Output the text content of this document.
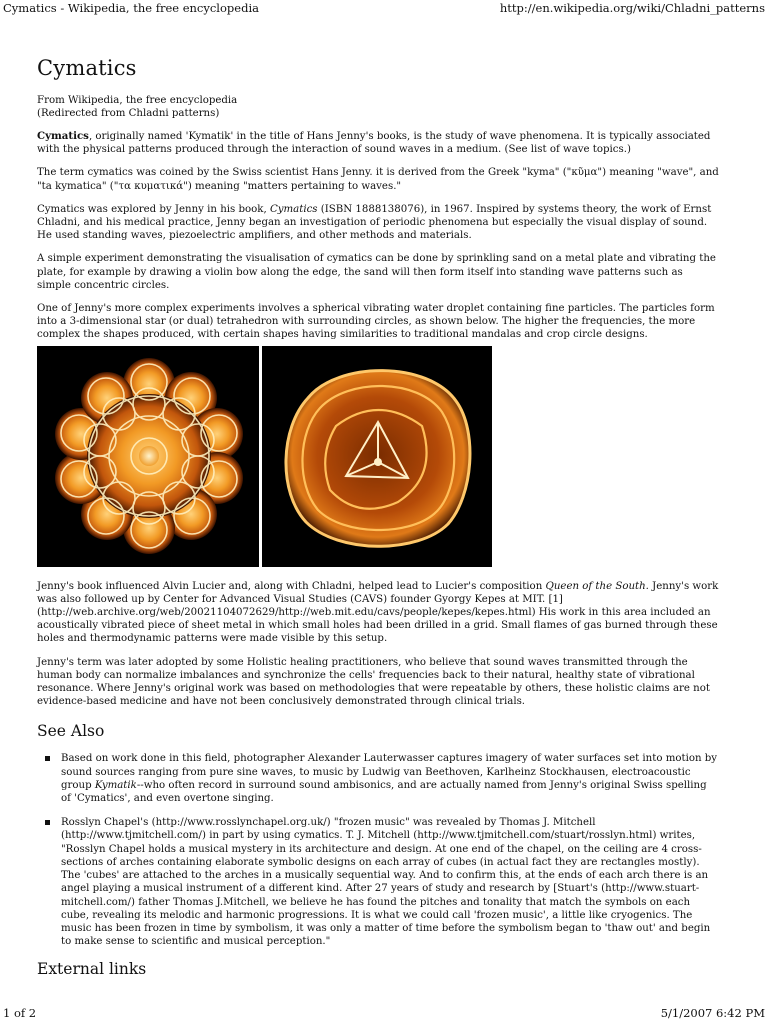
Cymatics - Wikipedia, the free encyclopedia	http://en.wikipedia.org/wiki/Chladni_patterns
Cymatics
From Wikipedia, the free encyclopedia
(Redirected from Chladni patterns)

Cymatics, originally named 'Kymatik' in the title of Hans Jenny's books, is the study of wave phenomena. It is typically associated with the physical patterns produced through the interaction of sound waves in a medium. (See list of wave topics.)

The term cymatics was coined by the Swiss scientist Hans Jenny. it is derived from the Greek "kyma" ("κῦμα") meaning "wave", and "ta kymatica" ("τα κυματικά") meaning "matters pertaining to waves."

Cymatics was explored by Jenny in his book, Cymatics (ISBN 1888138076), in 1967. Inspired by systems theory, the work of Ernst Chladni, and his medical practice, Jenny began an investigation of periodic phenomena but especially the visual display of sound. He used standing waves, piezoelectric amplifiers, and other methods and materials.

A simple experiment demonstrating the visualisation of cymatics can be done by sprinkling sand on a metal plate and vibrating the plate, for example by drawing a violin bow along the edge, the sand will then form itself into standing wave patterns such as simple concentric circles.

One of Jenny's more complex experiments involves a spherical vibrating water droplet containing fine particles. The particles form into a 3-dimensional star (or dual) tetrahedron with surrounding circles, as shown below. The higher the frequencies, the more complex the shapes produced, with certain shapes having similarities to traditional mandalas and crop circle designs.

Jenny's book influenced Alvin Lucier and, along with Chladni, helped lead to Lucier's composition Queen of the South. Jenny's work was also followed up by Center for Advanced Visual Studies (CAVS) founder Gyorgy Kepes at MIT. [1]
(http://web.archive.org/web/20021104072629/http://web.mit.edu/cavs/people/kepes/kepes.html) His work in this area included an acoustically vibrated piece of sheet metal in which small holes had been drilled in a grid. Small flames of gas burned through these holes and thermodynamic patterns were made visible by this setup.

Jenny's term was later adopted by some Holistic healing practitioners, who believe that sound waves transmitted through the human body can normalize imbalances and synchronize the cells' frequencies back to their natural, healthy state of vibrational resonance. Where Jenny's original work was based on methodologies that were repeatable by others, these holistic claims are not evidence-based medicine and have not been conclusively demonstrated through clinical trials.

See Also
Based on work done in this field, photographer Alexander Lauterwasser captures imagery of water surfaces set into motion by sound sources ranging from pure sine waves, to music by Ludwig van Beethoven, Karlheinz Stockhausen, electroacoustic group Kymatik--who often record in surround sound ambisonics, and are actually named from Jenny's original Swiss spelling of 'Cymatics', and even overtone singing.
Rosslyn Chapel's (http://www.rosslynchapel.org.uk/) "frozen music" was revealed by Thomas J. Mitchell (http://www.tjmitchell.com/) in part by using cymatics. T. J. Mitchell (http://www.tjmitchell.com/stuart/rosslyn.html) writes, "Rosslyn Chapel holds a musical mystery in its architecture and design. At one end of the chapel, on the ceiling are 4 cross-sections of arches containing elaborate symbolic designs on each array of cubes (in actual fact they are rectangles mostly). The 'cubes' are attached to the arches in a musically sequential way. And to confirm this, at the ends of each arch there is an angel playing a musical instrument of a different kind. After 27 years of study and research by [Stuart's (http://www.stuart-mitchell.com/) father Thomas J.Mitchell, we believe he has found the pitches and tonality that match the symbols on each cube, revealing its melodic and harmonic progressions. It is what we could call 'frozen music', a little like cryogenics. The music has been frozen in time by symbolism, it was only a matter of time before the symbolism began to 'thaw out' and begin to make sense to scientific and musical perception."
External links
1 of 2	5/1/2007 6:42 PM
